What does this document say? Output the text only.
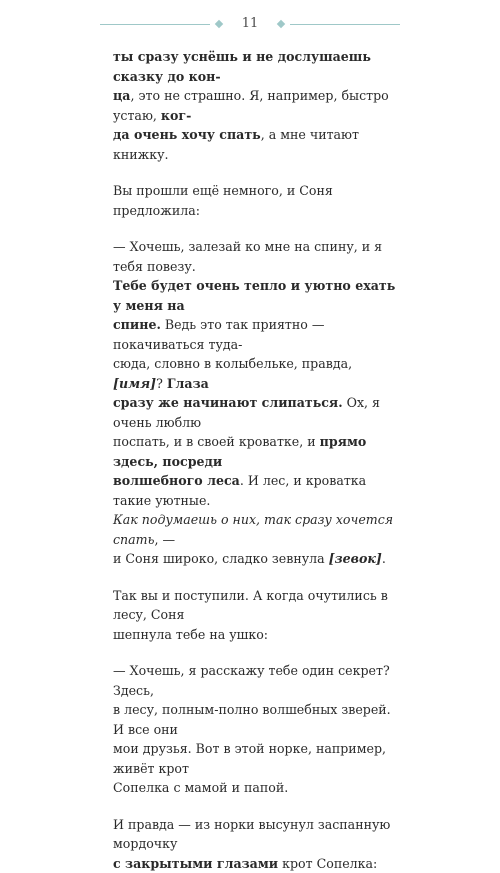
11

ты сразу уснёшь и не дослушаешь сказку до кон-
ца, это не страшно. Я, например, быстро устаю, ког-
да очень хочу спать, а мне читают книжку.

Вы прошли ещё немного, и Соня предложила:

— Хочешь, залезай ко мне на спину, и я тебя повезу.
Тебе будет очень тепло и уютно ехать у меня на
спине. Ведь это так приятно — покачиваться туда-
сюда, словно в колыбельке, правда, [имя]? Глаза
сразу же начинают слипаться. Ох, я очень люблю
поспать, и в своей кроватке, и прямо здесь, посреди
волшебного леса. И лес, и кроватка такие уютные.
Как подумаешь о них, так сразу хочется спать, —
и Соня широко, сладко зевнула [зевок].

Так вы и поступили. А когда очутились в лесу, Соня
шепнула тебе на ушко:

— Хочешь, я расскажу тебе один секрет? Здесь,
в лесу, полным-полно волшебных зверей. И все они
мои друзья. Вот в этой норке, например, живёт крот
Сопелка с мамой и папой.

И правда — из норки высунул заспанную мордочку
с закрытыми глазами крот Сопелка:
